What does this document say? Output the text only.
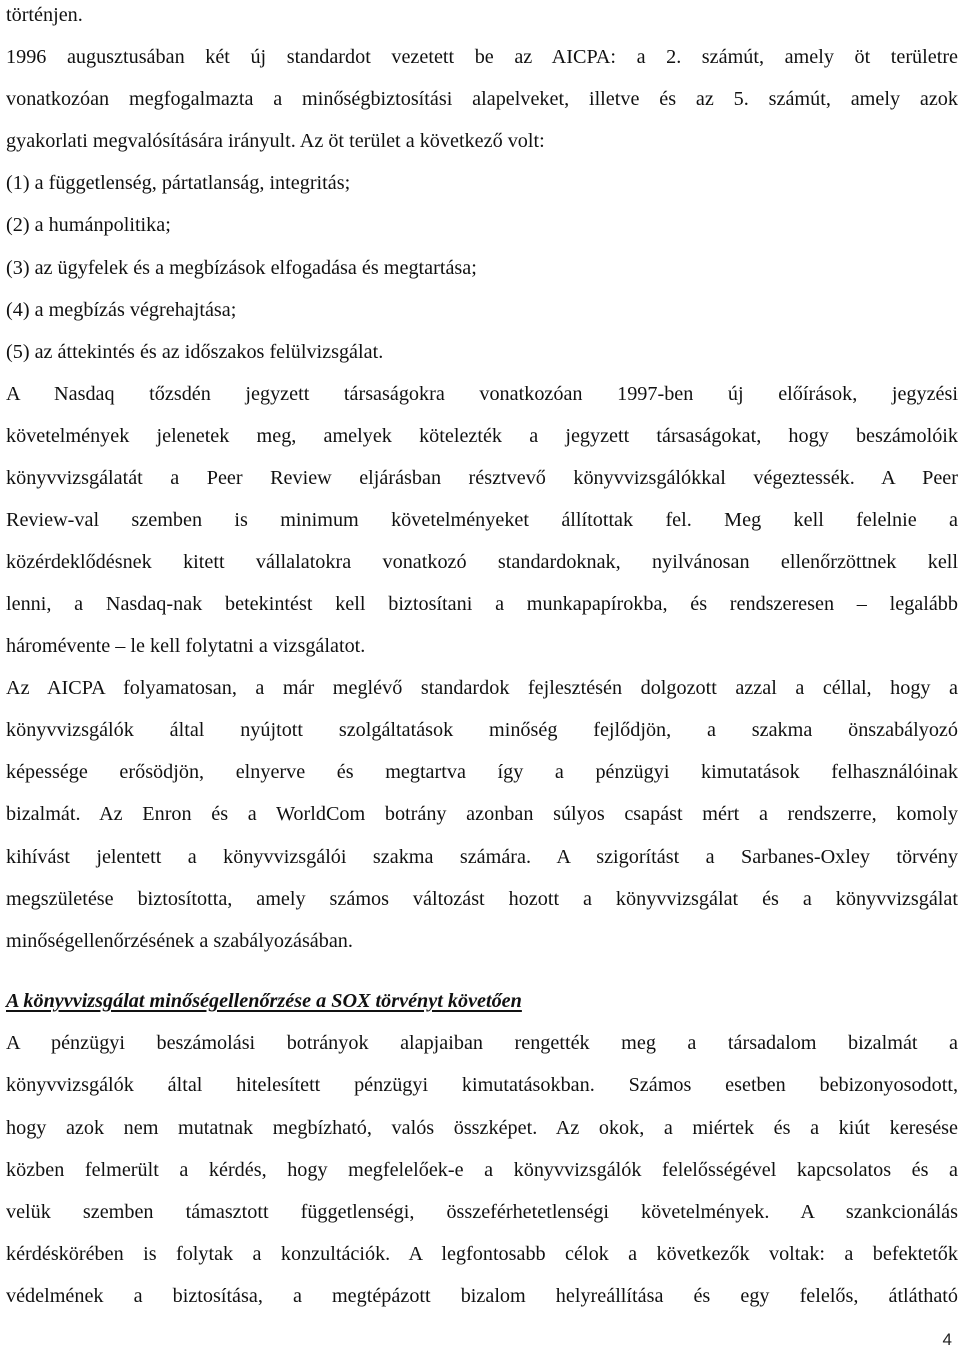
történjen.
1996 augusztusában két új standardot vezetett be az AICPA: a 2. számút, amely öt területre
vonatkozóan megfogalmazta a minőségbiztosítási alapelveket, illetve és az 5. számút, amely azok
gyakorlati megvalósítására irányult. Az öt terület a következő volt:
(1) a függetlenség, pártatlanság, integritás;
(2) a humánpolitika;
(3) az ügyfelek és a megbízások elfogadása és megtartása;
(4) a megbízás végrehajtása;
(5) az áttekintés és az időszakos felülvizsgálat.
A Nasdaq tőzsdén jegyzett társaságokra vonatkozóan 1997-ben új előírások, jegyzési
követelmények jelenetek meg, amelyek kötelezték a jegyzett társaságokat, hogy beszámolóik
könyvvizsgálatát a Peer Review eljárásban résztvevő könyvvizsgálókkal végeztessék. A Peer
Review-val szemben is minimum követelményeket állítottak fel. Meg kell felelnie a
közérdeklődésnek kitett vállalatokra vonatkozó standardoknak, nyilvánosan ellenőrzöttnek kell
lenni, a Nasdaq-nak betekintést kell biztosítani a munkapapírokba, és rendszeresen – legalább
háromévente – le kell folytatni a vizsgálatot.
Az AICPA folyamatosan, a már meglévő standardok fejlesztésén dolgozott azzal a céllal, hogy a
könyvvizsgálók által nyújtott szolgáltatások minőség fejlődjön, a szakma önszabályozó
képessége erősödjön, elnyerve és megtartva így a pénzügyi kimutatások felhasználóinak
bizalmát. Az Enron és a WorldCom botrány azonban súlyos csapást mért a rendszerre, komoly
kihívást jelentett a könyvvizsgálói szakma számára. A szigorítást a Sarbanes-Oxley törvény
megszületése biztosította, amely számos változást hozott a könyvvizsgálat és a könyvvizsgálat
minőségellenőrzésének a szabályozásában.
A könyvvizsgálat minőségellenőrzése a SOX törvényt követően
A pénzügyi beszámolási botrányok alapjaiban rengették meg a társadalom bizalmát a
könyvvizsgálók által hitelesített pénzügyi kimutatásokban. Számos esetben bebizonyosodott,
hogy azok nem mutatnak megbízható, valós összképet. Az okok, a miértek és a kiút keresése
közben felmerült a kérdés, hogy megfelelőek-e a könyvvizsgálók felelősségével kapcsolatos és a
velük szemben támasztott függetlenségi, összeférhetetlenségi követelmények. A szankcionálás
kérdéskörében is folytak a konzultációk. A legfontosabb célok a következők voltak: a befektetők
védelmének a biztosítása, a megtépázott bizalom helyreállítása és egy felelős, átlátható
4
